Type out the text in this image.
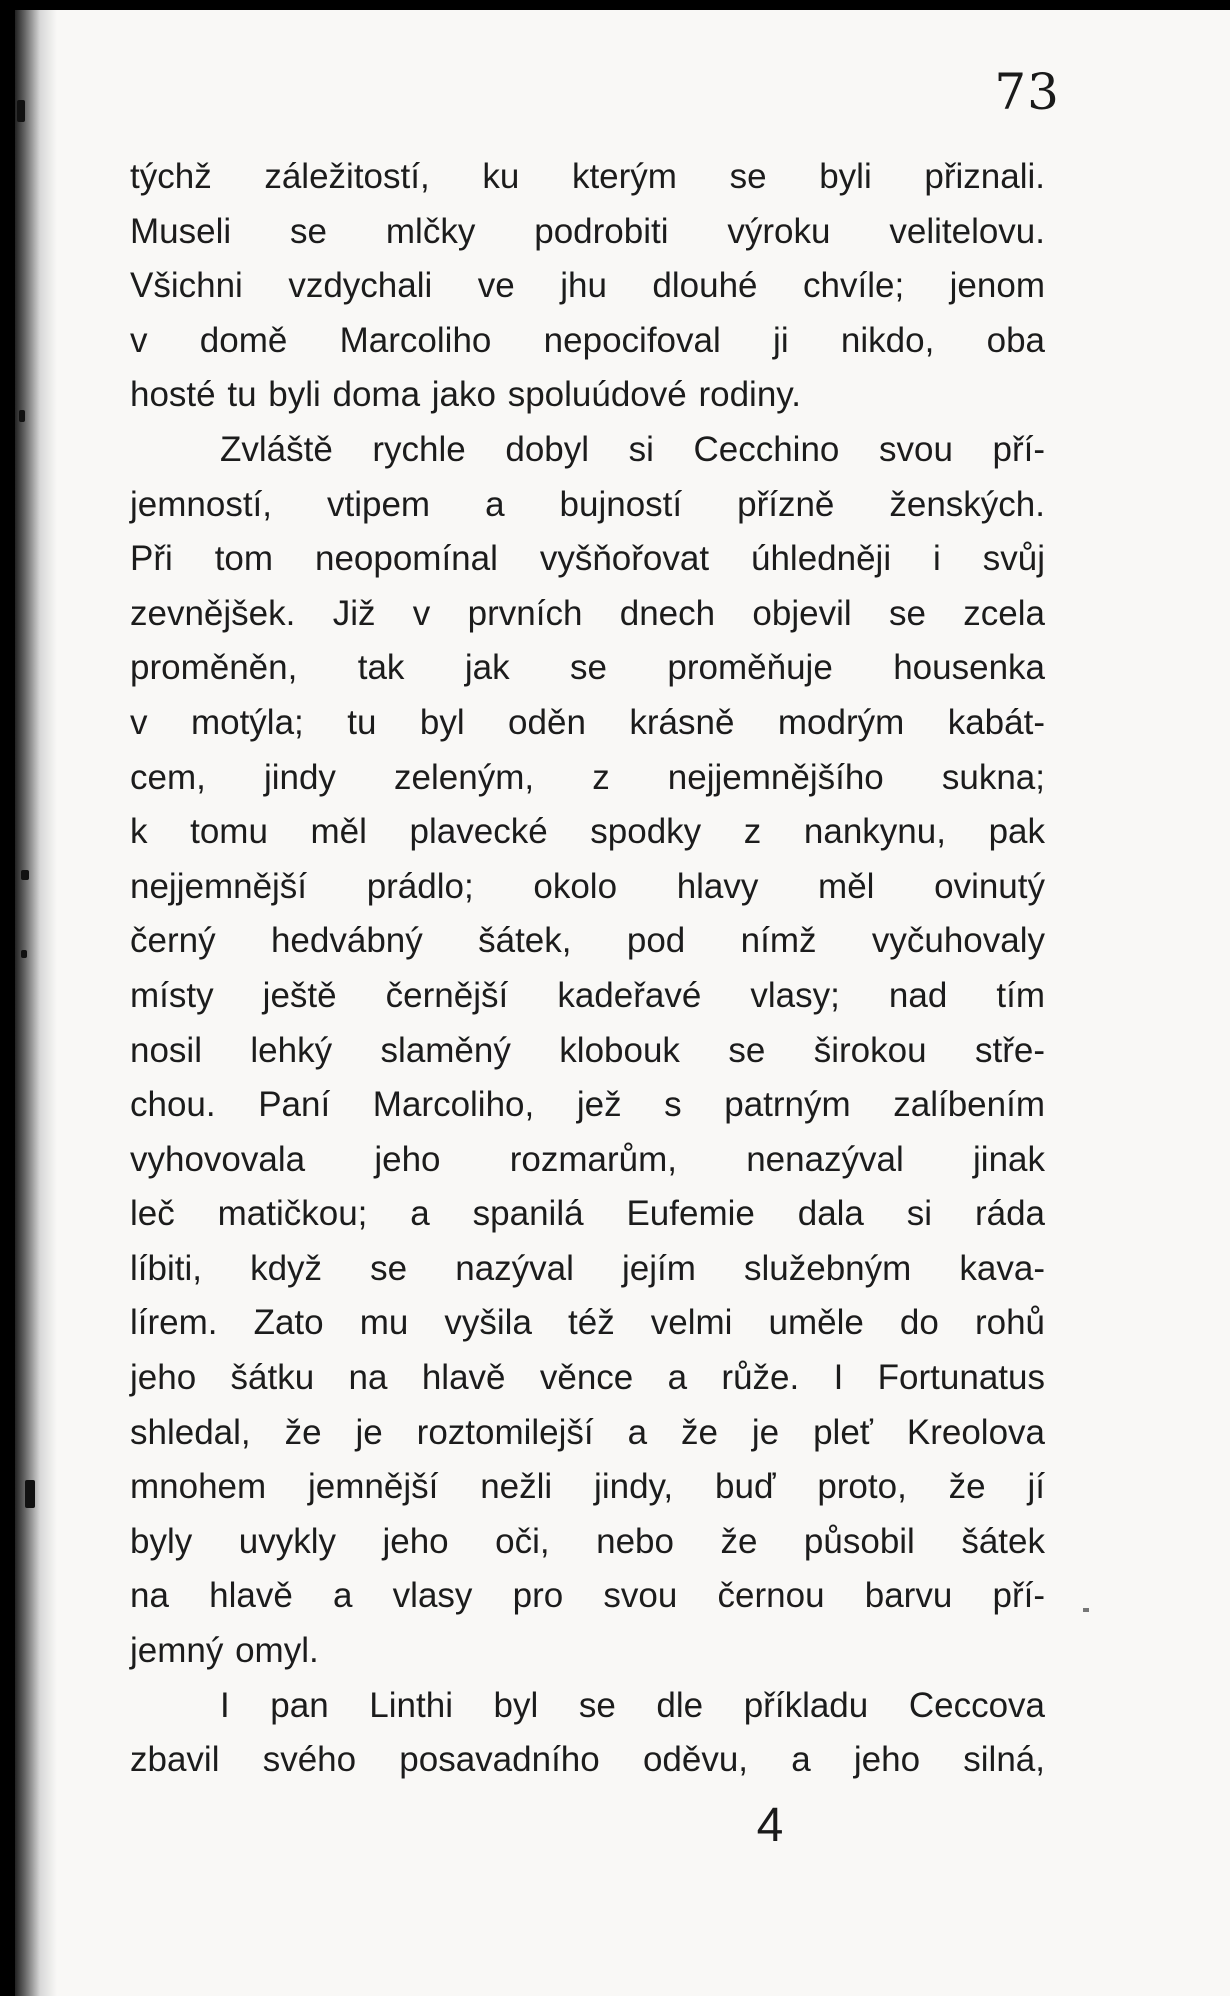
73
týchž záležitostí, ku kterým se byli přiznali.
Museli se mlčky podrobiti výroku velitelovu.
Všichni vzdychali ve jhu dlouhé chvíle; jenom
v domě Marcoliho nepocifoval ji nikdo, oba
hosté tu byli doma jako spoluúdové rodiny.
Zvláště rychle dobyl si Cecchino svou pří-
jemností, vtipem a bujností přízně ženských.
Při tom neopomínal vyšňořovat úhledněji i svůj
zevnějšek. Již v prvních dnech objevil se zcela
proměněn, tak jak se proměňuje housenka
v motýla; tu byl oděn krásně modrým kabát-
cem, jindy zeleným, z nejjemnějšího sukna;
k tomu měl plavecké spodky z nankynu, pak
nejjemnější prádlo; okolo hlavy měl ovinutý
černý hedvábný šátek, pod nímž vyčuhovaly
místy ještě černější kadeřavé vlasy; nad tím
nosil lehký slaměný klobouk se širokou stře-
chou. Paní Marcoliho, jež s patrným zalíbením
vyhovovala jeho rozmarům, nenazýval jinak
leč matičkou; a spanilá Eufemie dala si ráda
líbiti, když se nazýval jejím služebným kava-
lírem. Zato mu vyšila též velmi uměle do rohů
jeho šátku na hlavě věnce a růže. I Fortunatus
shledal, že je roztomilejší a že je pleť Kreolova
mnohem jemnější nežli jindy, buď proto, že jí
byly uvykly jeho oči, nebo že působil šátek
na hlavě a vlasy pro svou černou barvu pří-
jemný omyl.
I pan Linthi byl se dle příkladu Ceccova
zbavil svého posavadního oděvu, a jeho silná,
4
